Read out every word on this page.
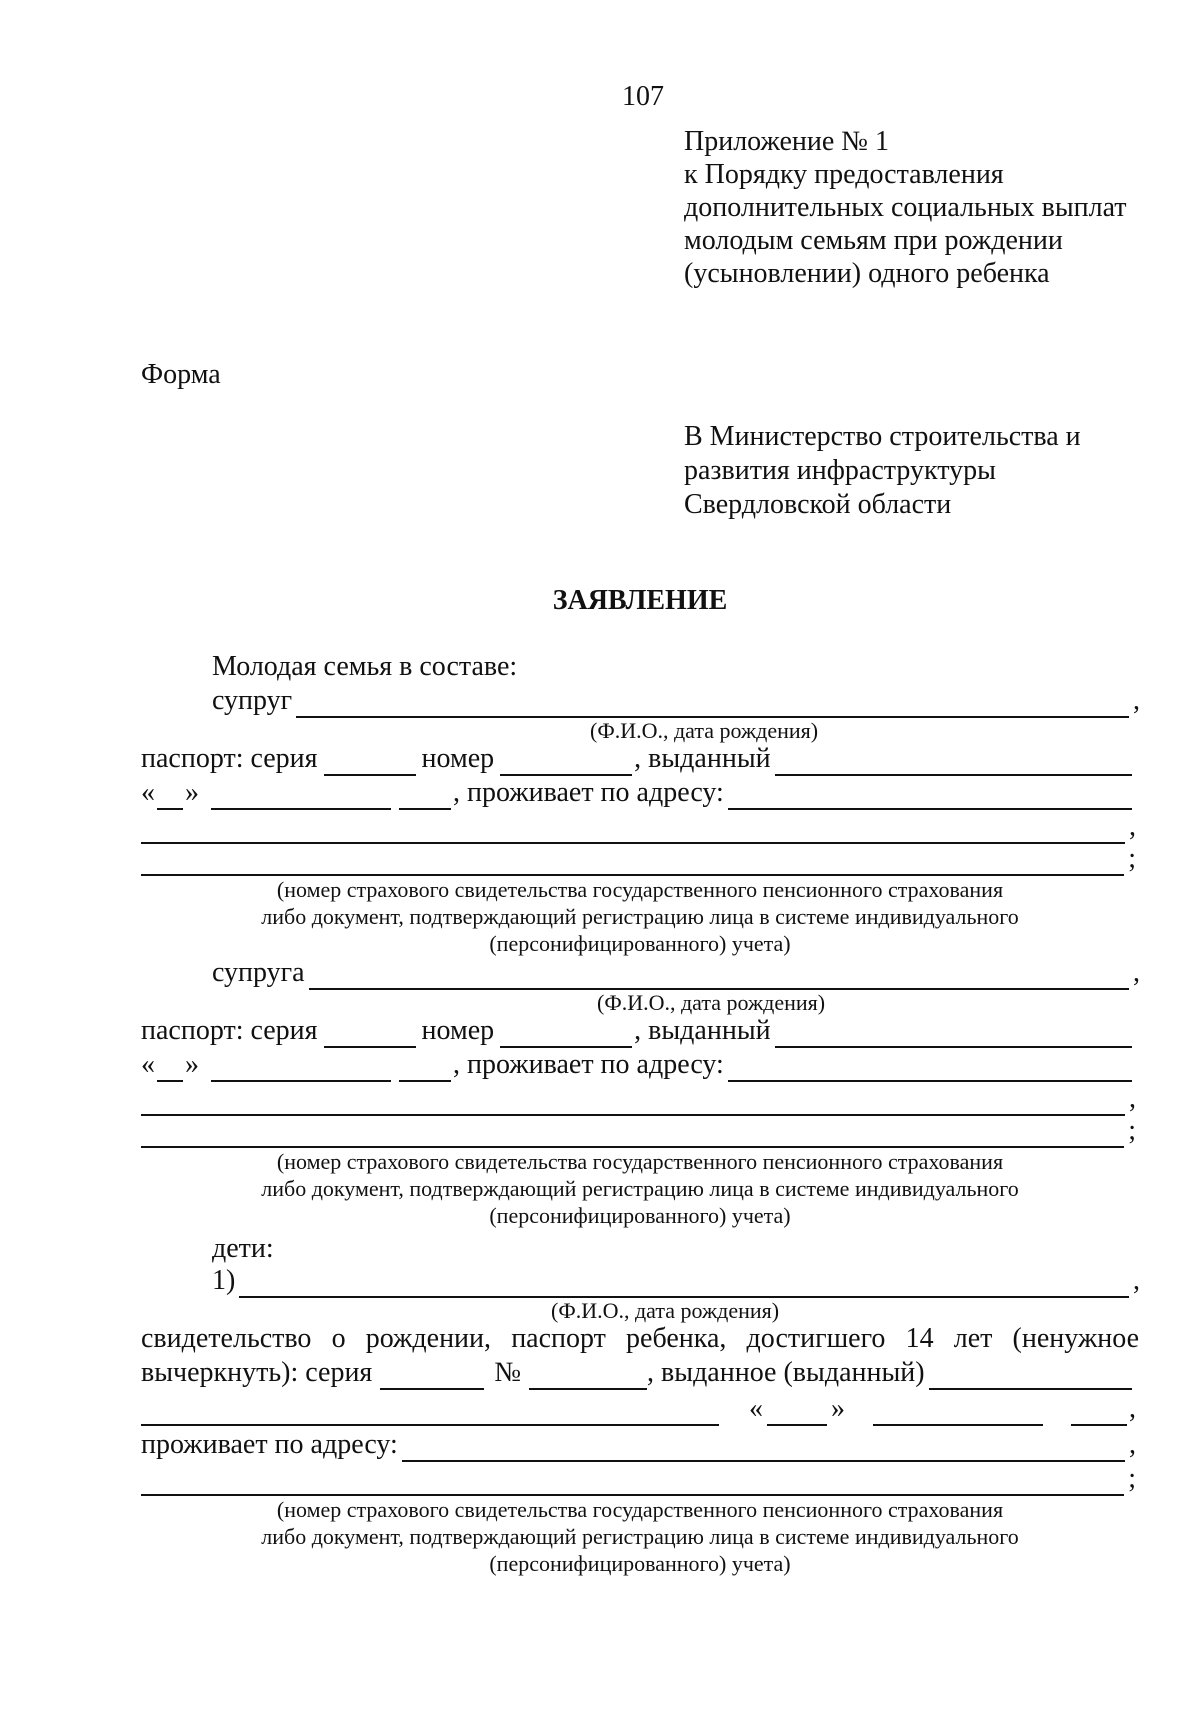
107
Приложение № 1
к Порядку предоставления
дополнительных социальных выплат
молодым семьям при рождении
(усыновлении) одного ребенка
Форма
В Министерство строительства и
развития инфраструктуры
Свердловской области
ЗАЯВЛЕНИЕ
Молодая семья в составе:
супруг	,
(Ф.И.О., дата рождения)
паспорт: серия	номер	, выданный
« »	, проживает по адресу:
,
;
(номер страхового свидетельства государственного пенсионного страхования
либо документ, подтверждающий регистрацию лица в системе индивидуального
(персонифицированного) учета)
супруга	,
(Ф.И.О., дата рождения)
паспорт: серия	номер	, выданный
« »	, проживает по адресу:
,
;
(номер страхового свидетельства государственного пенсионного страхования
либо документ, подтверждающий регистрацию лица в системе индивидуального
(персонифицированного) учета)
дети:
1)	,
(Ф.И.О., дата рождения)
свидетельство о рождении, паспорт ребенка, достигшего 14 лет (ненужное
вычеркнуть): серия	№	, выданное (выданный)
« »	,
проживает по адресу:	,
;
(номер страхового свидетельства государственного пенсионного страхования
либо документ, подтверждающий регистрацию лица в системе индивидуального
(персонифицированного) учета)
